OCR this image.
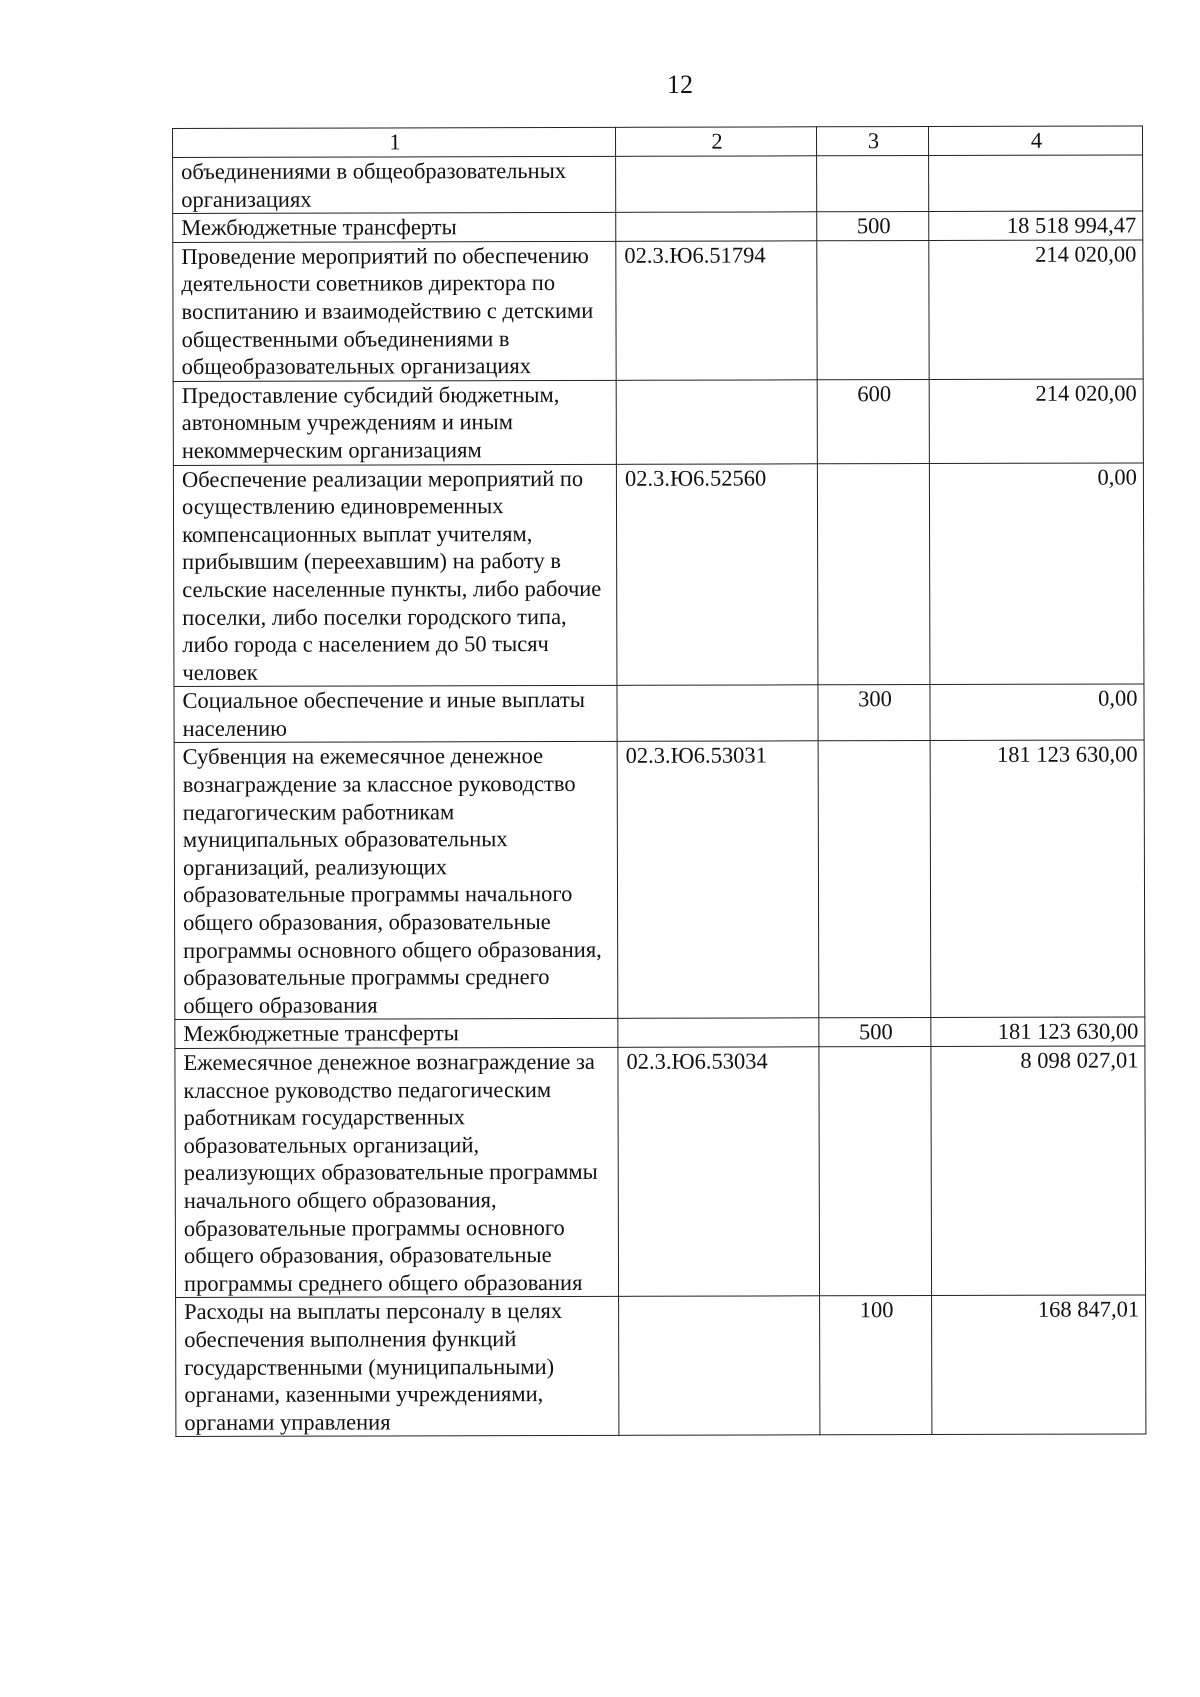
12
1	2	3	4
объединениями в общеобразовательных организациях			
Межбюджетные трансферты		500	18 518 994,47
Проведение мероприятий по обеспечению деятельности советников директора по воспитанию и взаимодействию с детскими общественными объединениями в общеобразовательных организациях	02.3.Ю6.51794		214 020,00
Предоставление субсидий бюджетным, автономным учреждениям и иным некоммерческим организациям		600	214 020,00
Обеспечение реализации мероприятий по осуществлению единовременных компенсационных выплат учителям, прибывшим (переехавшим) на работу в сельские населенные пункты, либо рабочие поселки, либо поселки городского типа, либо города с населением до 50 тысяч человек	02.3.Ю6.52560		0,00
Социальное обеспечение и иные выплаты населению		300	0,00
Субвенция на ежемесячное денежное вознаграждение за классное руководство педагогическим работникам муниципальных образовательных организаций, реализующих образовательные программы начального общего образования, образовательные программы основного общего образования, образовательные программы среднего общего образования	02.3.Ю6.53031		181 123 630,00
Межбюджетные трансферты		500	181 123 630,00
Ежемесячное денежное вознаграждение за классное руководство педагогическим работникам государственных образовательных организаций, реализующих образовательные программы начального общего образования, образовательные программы основного общего образования, образовательные программы среднего общего образования	02.3.Ю6.53034		8 098 027,01
Расходы на выплаты персоналу в целях обеспечения выполнения функций государственными (муниципальными) органами, казенными учреждениями, органами управления		100	168 847,01
